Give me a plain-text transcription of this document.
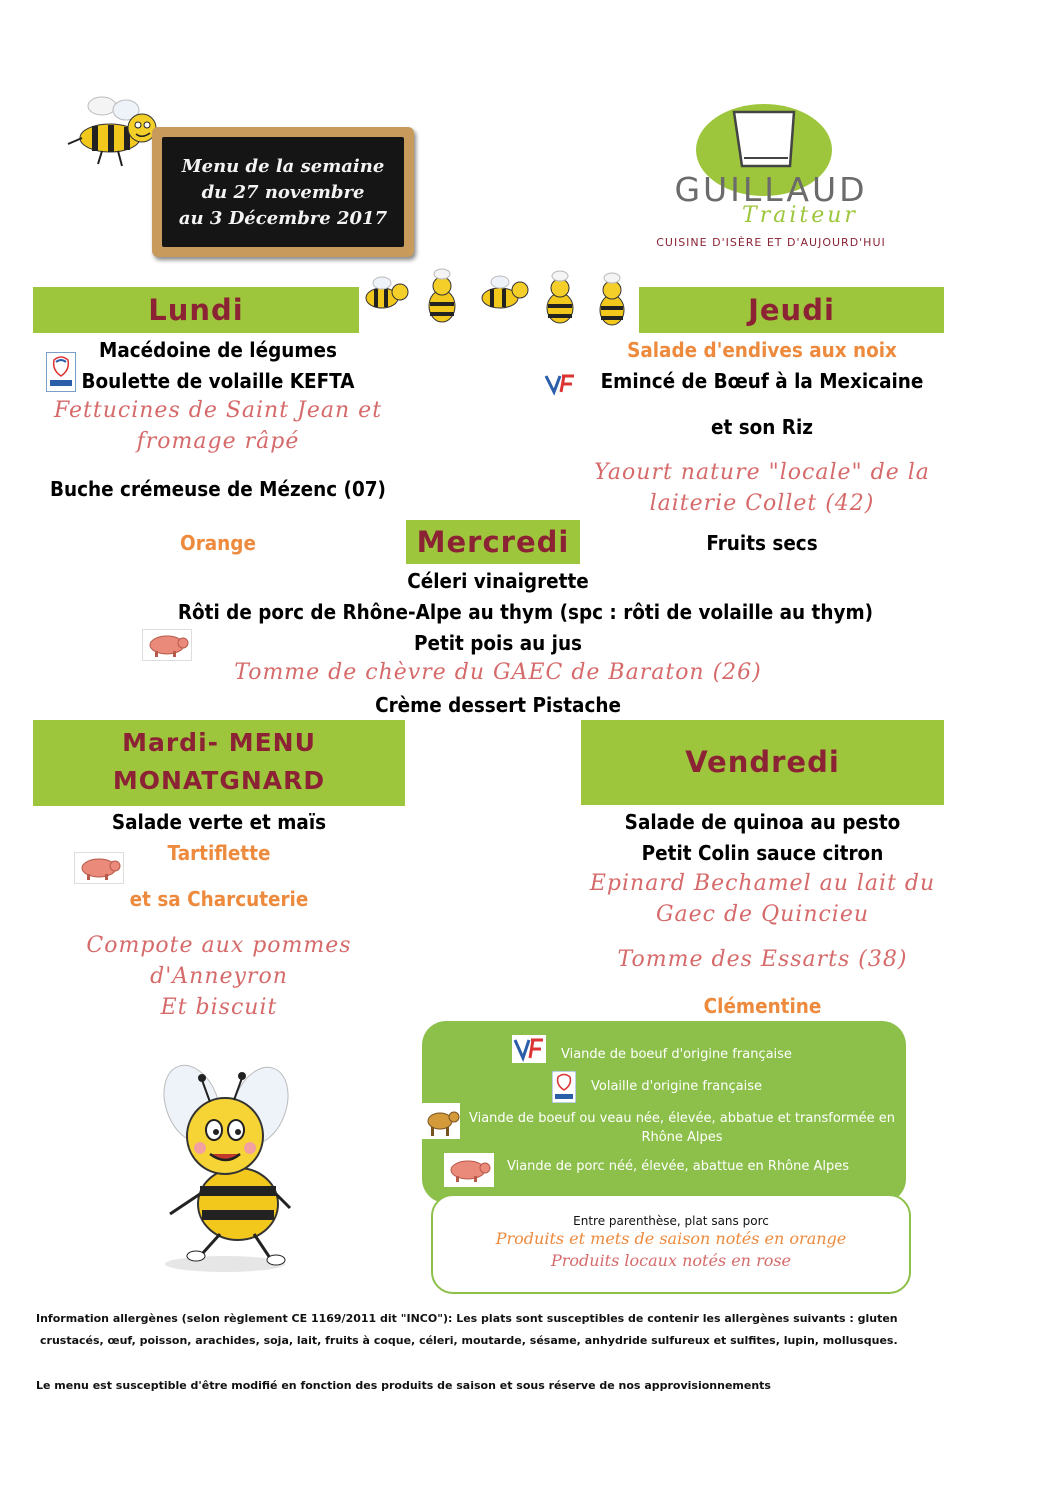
Menu de la semaine
du 27 novembre
au 3 Décembre 2017
GUILLAUD
Traiteur
CUISINE D'ISÈRE ET D'AUJOURD'HUI
Lundi	Jeudi
Macédoine de légumes
Boulette de volaille KEFTA
Fettucines de Saint Jean et
fromage râpé
Buche crémeuse de Mézenc (07)
Orange
Salade d'endives aux noix
Emincé de Bœuf à la Mexicaine
et son Riz
Yaourt nature "locale" de la
laiterie Collet (42)
Fruits secs
Mercredi
Céleri vinaigrette
Rôti de porc de Rhône-Alpe au thym (spc : rôti de volaille au thym)
Petit pois au jus
Tomme de chèvre du GAEC de Baraton (26)
Crème dessert Pistache
Mardi- MENU
MONATGNARD
Salade verte et maïs
Tartiflette
et sa Charcuterie
Compote aux pommes
d'Anneyron
Et biscuit
Vendredi
Salade de quinoa au pesto
Petit Colin sauce citron
Epinard Bechamel au lait du
Gaec de Quincieu
Tomme des Essarts (38)
Clémentine
Viande de boeuf d'origine française
Volaille d'origine française
Viande de boeuf ou veau née, élevée, abbatue et transformée en
Rhône Alpes
Viande de porc néé, élevée, abattue en Rhône Alpes
Entre parenthèse, plat sans porc
Produits et mets de saison notés en orange
Produits locaux notés en rose
Information allergènes (selon règlement CE 1169/2011 dit "INCO"): Les plats sont susceptibles de contenir les allergènes suivants : gluten
crustacés, œuf, poisson, arachides, soja, lait, fruits à coque, céleri, moutarde, sésame, anhydride sulfureux et sulfites, lupin, mollusques.
Le menu est susceptible d'être modifié en fonction des produits de saison et sous réserve de nos approvisionnements
